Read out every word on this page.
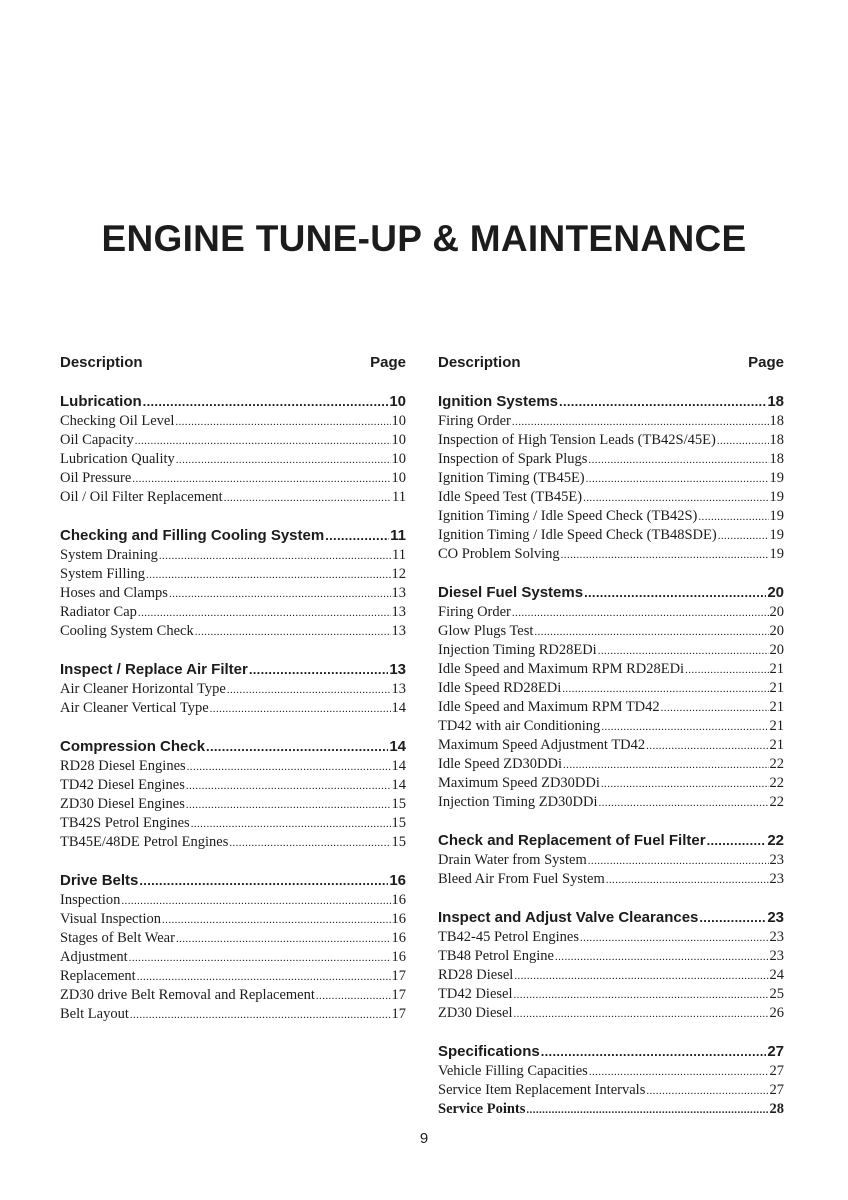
ENGINE TUNE-UP & MAINTENANCE
Description	Page
Lubrication .....	10
Checking Oil Level .....	10
Oil Capacity .....	10
Lubrication Quality .....	10
Oil Pressure .....	10
Oil / Oil Filter Replacement .....	11
Checking and Filling Cooling System .....	11
System Draining .....	11
System Filling .....	12
Hoses and Clamps .....	13
Radiator Cap .....	13
Cooling System Check .....	13
Inspect / Replace Air Filter .....	13
Air Cleaner Horizontal Type .....	13
Air Cleaner Vertical Type .....	14
Compression Check .....	14
RD28 Diesel Engines .....	14
TD42 Diesel Engines .....	14
ZD30 Diesel Engines .....	15
TB42S Petrol Engines .....	15
TB45E/48DE Petrol Engines .....	15
Drive Belts .....	16
Inspection .....	16
Visual Inspection .....	16
Stages of Belt Wear .....	16
Adjustment .....	16
Replacement .....	17
ZD30 drive Belt Removal and Replacement .....	17
Belt Layout .....	17
Description	Page
Ignition Systems .....	18
Firing Order .....	18
Inspection of High Tension Leads (TB42S/45E) .....	18
Inspection of Spark Plugs .....	18
Ignition Timing (TB45E) .....	19
Idle Speed Test (TB45E) .....	19
Ignition Timing / Idle Speed Check (TB42S) .....	19
Ignition Timing / Idle Speed Check (TB48SDE) .....	19
CO Problem Solving .....	19
Diesel Fuel Systems .....	20
Firing Order .....	20
Glow Plugs Test .....	20
Injection Timing RD28EDi .....	20
Idle Speed and Maximum RPM RD28EDi .....	21
Idle Speed RD28EDi .....	21
Idle Speed and Maximum RPM TD42 .....	21
TD42 with air Conditioning .....	21
Maximum Speed Adjustment TD42 .....	21
Idle Speed ZD30DDi .....	22
Maximum Speed ZD30DDi .....	22
Injection Timing ZD30DDi .....	22
Check and Replacement of Fuel Filter .....	22
Drain Water from System .....	23
Bleed Air From Fuel System .....	23
Inspect and Adjust Valve Clearances .....	23
TB42-45 Petrol Engines .....	23
TB48 Petrol Engine .....	23
RD28 Diesel .....	24
TD42 Diesel .....	25
ZD30 Diesel .....	26
Specifications .....	27
Vehicle Filling Capacities .....	27
Service Item Replacement Intervals .....	27
Service Points .....	28
9
